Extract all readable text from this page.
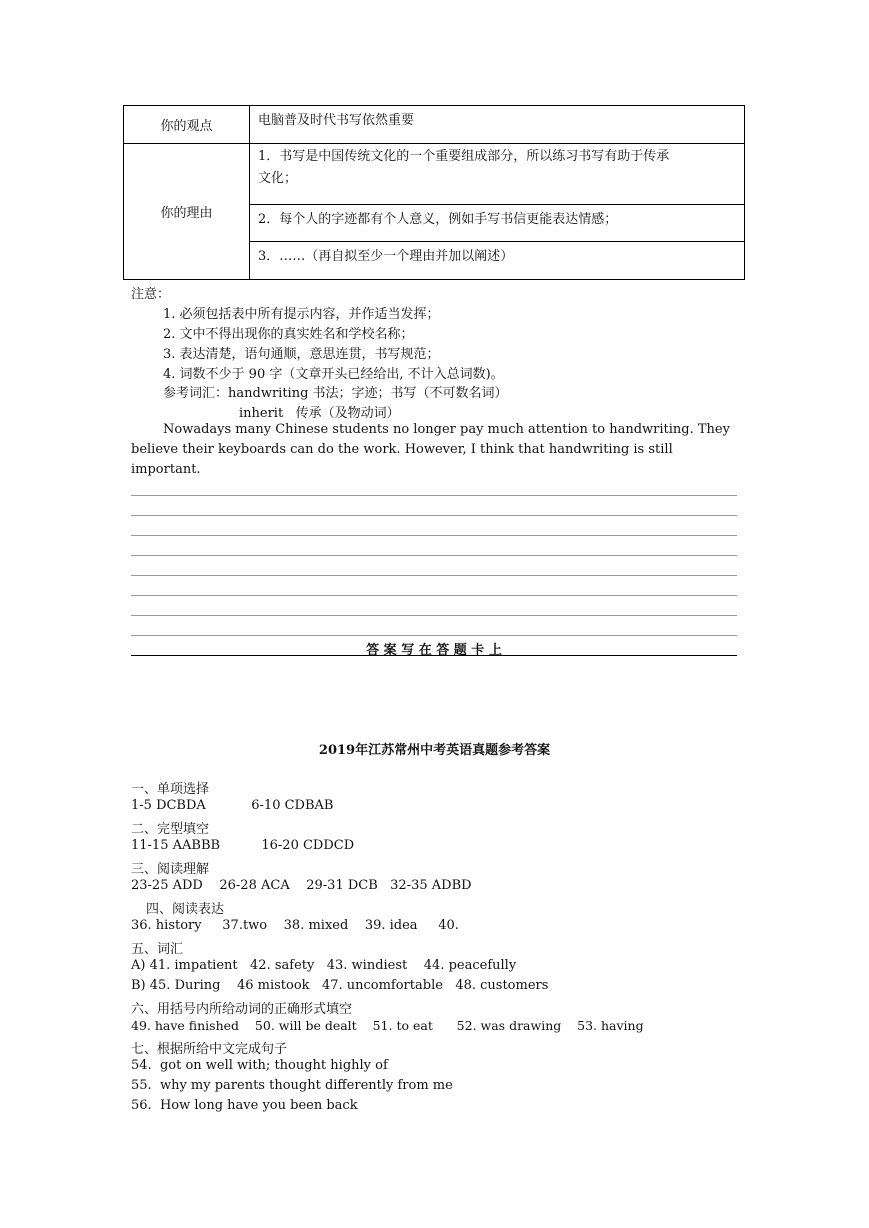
你的观点	电脑普及时代书写依然重要
你的理由	1．书写是中国传统文化的一个重要组成部分，所以练习书写有助于传承
文化；

	2．每个人的字迹都有个人意义，例如手写书信更能表达情感；
	3．……（再自拟至少一个理由并加以阐述）
注意：
1. 必须包括表中所有提示内容，并作适当发挥；
2. 文中不得出现你的真实姓名和学校名称；
3. 表达清楚，语句通顺，意思连贯，书写规范；
4. 词数不少于 90 字（文章开头已经给出, 不计入总词数)。
参考词汇：handwriting 书法；字迹；书写（不可数名词）
inherit   传承（及物动词）
Nowadays many Chinese students no longer pay much attention to handwriting. They
believe their keyboards can do the work. However, I think that handwriting is still
important.
答 案 写 在 答 题 卡 上
2019年江苏常州中考英语真题参考答案
一、单项选择
1-5 DCBDA           6-10 CDBAB
二、完型填空
11-15 AABBB          16-20 CDDCD
三、阅读理解
23-25 ADD    26-28 ACA    29-31 DCB   32-35 ADBD
四、阅读表达
36. history     37.two    38. mixed    39. idea     40.
五、词汇
A) 41. impatient   42. safety   43. windiest    44. peacefully
B) 45. During    46 mistook   47. uncomfortable   48. customers
六、用括号内所给动词的正确形式填空
49. have finished    50. will be dealt    51. to eat      52. was drawing    53. having
七、根据所给中文完成句子
54.  got on well with; thought highly of
55.  why my parents thought differently from me
56.  How long have you been back
